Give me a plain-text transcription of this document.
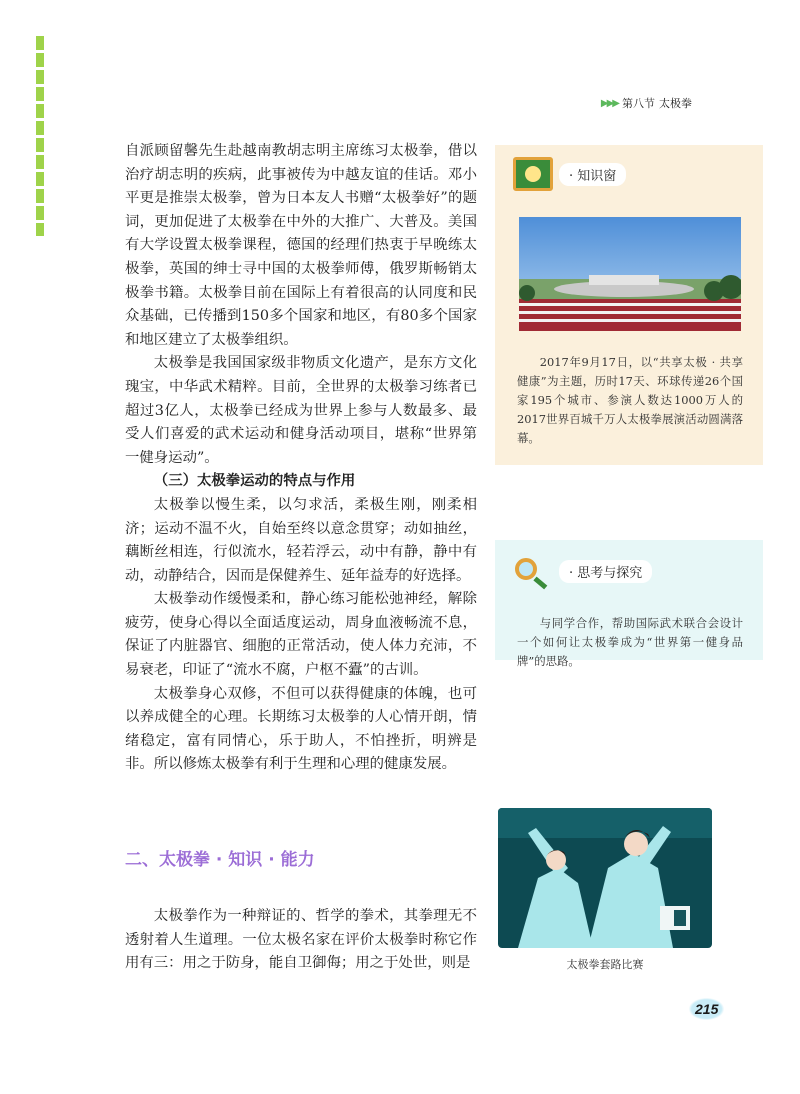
▶▶▶ 第八节 太极拳

自派顾留馨先生赴越南教胡志明主席练习太极拳，借以治疗胡志明的疾病，此事被传为中越友谊的佳话。邓小平更是推崇太极拳，曾为日本友人书赠“太极拳好”的题词，更加促进了太极拳在中外的大推广、大普及。美国有大学设置太极拳课程，德国的经理们热衷于早晚练太极拳，英国的绅士寻中国的太极拳师傅，俄罗斯畅销太极拳书籍。太极拳目前在国际上有着很高的认同度和民众基础，已传播到150多个国家和地区，有80多个国家和地区建立了太极拳组织。

太极拳是我国国家级非物质文化遗产，是东方文化瑰宝，中华武术精粹。目前，全世界的太极拳习练者已超过3亿人，太极拳已经成为世界上参与人数最多、最受人们喜爱的武术运动和健身活动项目，堪称“世界第一健身运动”。

（三）太极拳运动的特点与作用

太极拳以慢生柔，以匀求活，柔极生刚，刚柔相济；运动不温不火，自始至终以意念贯穿；动如抽丝，藕断丝相连，行似流水，轻若浮云，动中有静，静中有动，动静结合，因而是保健养生、延年益寿的好选择。

太极拳动作缓慢柔和，静心练习能松弛神经，解除疲劳，使身心得以全面适度运动，周身血液畅流不息，保证了内脏器官、细胞的正常活动，使人体力充沛，不易衰老，印证了“流水不腐，户枢不蠹”的古训。

太极拳身心双修，不但可以获得健康的体魄，也可以养成健全的心理。长期练习太极拳的人心情开朗，情绪稳定，富有同情心，乐于助人，不怕挫折，明辨是非。所以修炼太极拳有利于生理和心理的健康发展。

二、太极拳 · 知识 · 能力

太极拳作为一种辩证的、哲学的拳术，其拳理无不透射着人生道理。一位太极名家在评价太极拳时称它作用有三：用之于防身，能自卫御侮；用之于处世，则是

· 知识窗

2017年9月17日，以“共享太极 · 共享健康”为主题，历时17天、环球传递26个国家195个城市、参演人数达1000万人的2017世界百城千万人太极拳展演活动圆满落幕。

· 思考与探究

与同学合作，帮助国际武术联合会设计一个如何让太极拳成为“世界第一健身品牌”的思路。

太极拳套路比赛
215
